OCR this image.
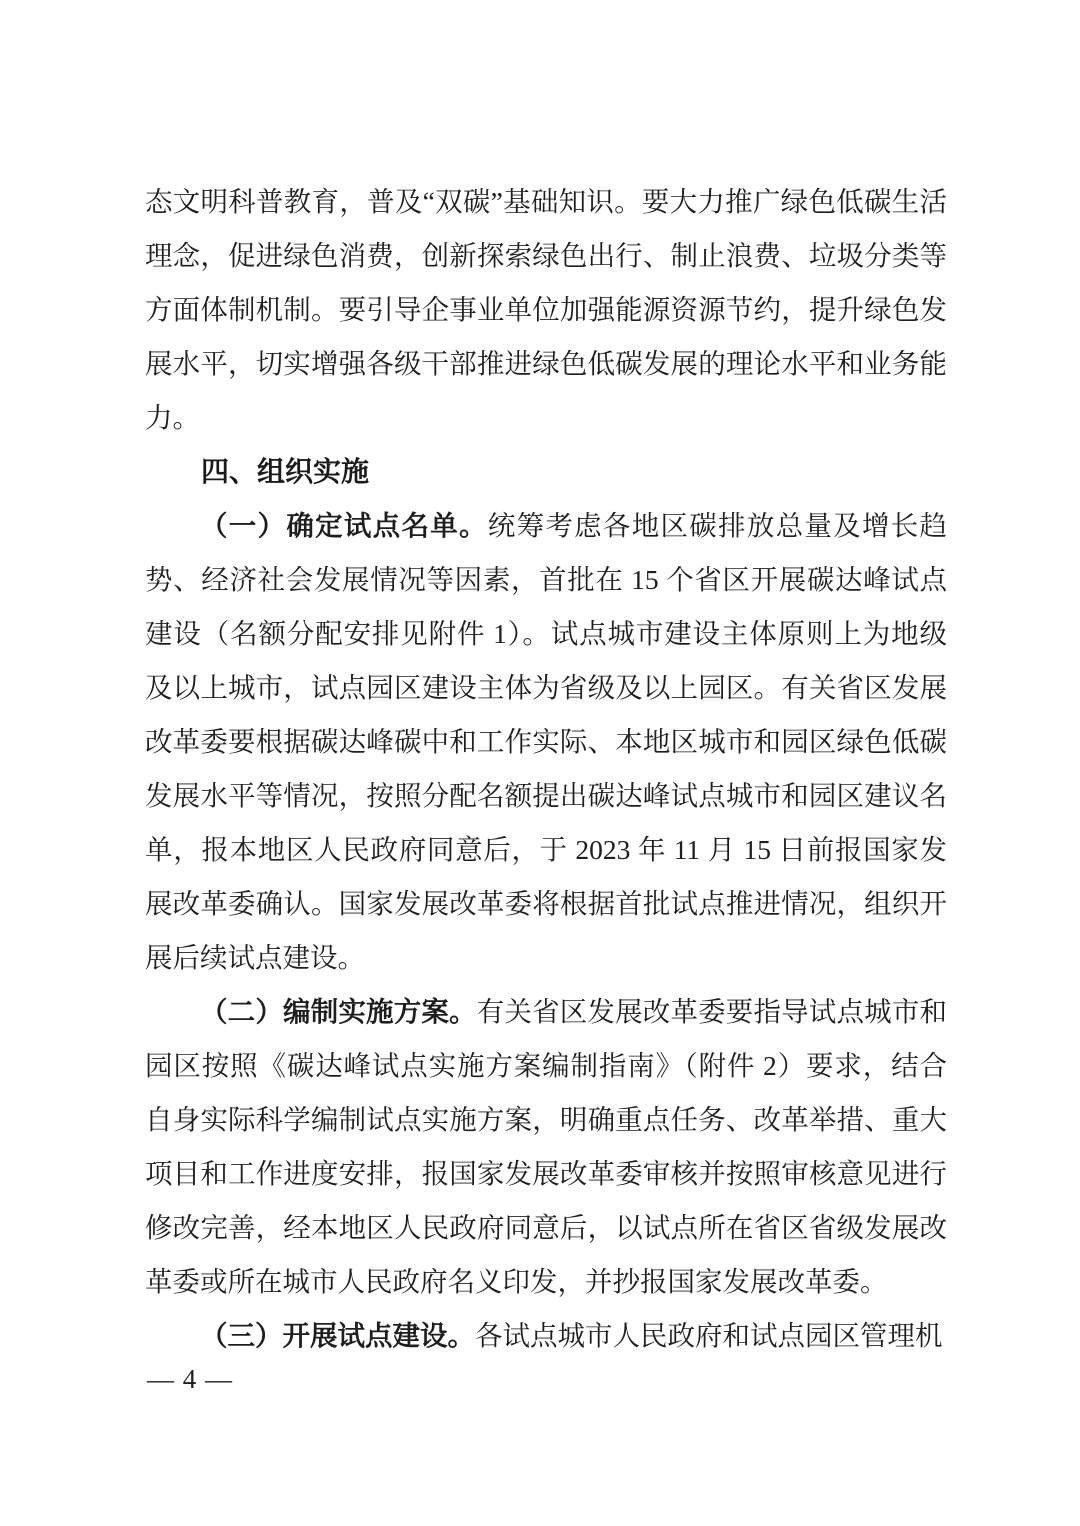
态文明科普教育，普及“双碳”基础知识。要大力推广绿色低碳生活理念，促进绿色消费，创新探索绿色出行、制止浪费、垃圾分类等方面体制机制。要引导企事业单位加强能源资源节约，提升绿色发展水平，切实增强各级干部推进绿色低碳发展的理论水平和业务能力。

四、组织实施

（一）确定试点名单。统筹考虑各地区碳排放总量及增长趋势、经济社会发展情况等因素，首批在 15 个省区开展碳达峰试点建设（名额分配安排见附件 1）。试点城市建设主体原则上为地级及以上城市，试点园区建设主体为省级及以上园区。有关省区发展改革委要根据碳达峰碳中和工作实际、本地区城市和园区绿色低碳发展水平等情况，按照分配名额提出碳达峰试点城市和园区建议名单，报本地区人民政府同意后，于 2023 年 11 月 15 日前报国家发展改革委确认。国家发展改革委将根据首批试点推进情况，组织开展后续试点建设。

（二）编制实施方案。有关省区发展改革委要指导试点城市和园区按照《碳达峰试点实施方案编制指南》（附件 2）要求，结合自身实际科学编制试点实施方案，明确重点任务、改革举措、重大项目和工作进度安排，报国家发展改革委审核并按照审核意见进行修改完善，经本地区人民政府同意后，以试点所在省区省级发展改革委或所在城市人民政府名义印发，并抄报国家发展改革委。

（三）开展试点建设。各试点城市人民政府和试点园区管理机

— 4 —
